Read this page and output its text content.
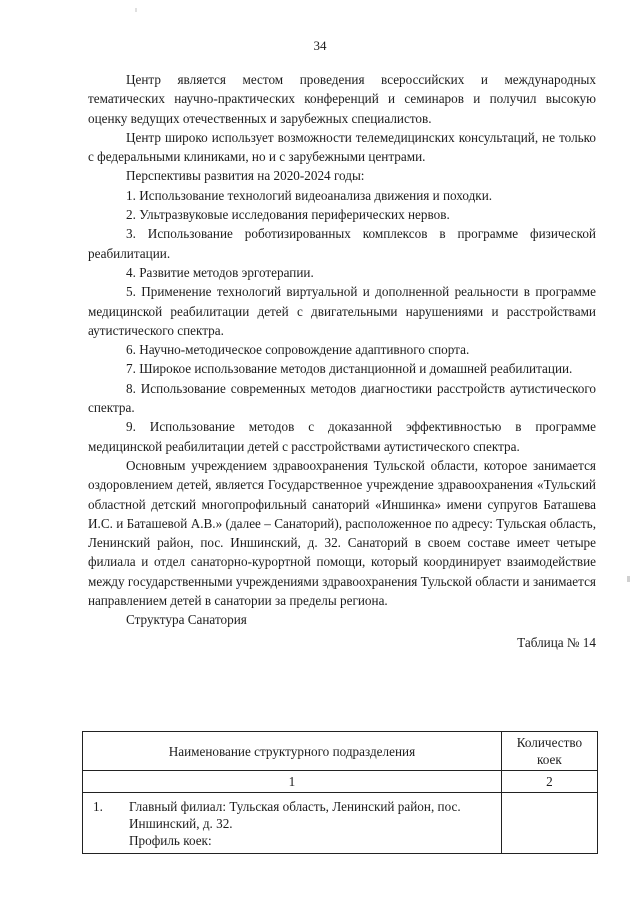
34

Центр является местом проведения всероссийских и международных тематических научно-практических конференций и семинаров и получил высокую оценку ведущих отечественных и зарубежных специалистов.

Центр широко использует возможности телемедицинских консультаций, не только с федеральными клиниками, но и с зарубежными центрами.

Перспективы развития на 2020-2024 годы:

1. Использование технологий видеоанализа движения и походки.

2. Ультразвуковые исследования периферических нервов.

3. Использование роботизированных комплексов в программе физической реабилитации.

4. Развитие методов эрготерапии.

5. Применение технологий виртуальной и дополненной реальности в программе медицинской реабилитации детей с двигательными нарушениями и расстройствами аутистического спектра.

6. Научно-методическое сопровождение адаптивного спорта.

7. Широкое использование методов дистанционной и домашней реабилитации.

8. Использование современных методов диагностики расстройств аутистического спектра.

9. Использование методов с доказанной эффективностью в программе медицинской реабилитации детей с расстройствами аутистического спектра.

Основным учреждением здравоохранения Тульской области, которое занимается оздоровлением детей, является Государственное учреждение здравоохранения «Тульский областной детский многопрофильный санаторий «Иншинка» имени супругов Баташева И.С. и Баташевой А.В.» (далее – Санаторий), расположенное по адресу: Тульская область, Ленинский район, пос. Иншинский, д. 32. Санаторий в своем составе имеет четыре филиала и отдел санаторно-курортной помощи, который координирует взаимодействие между государственными учреждениями здравоохранения Тульской области и занимается направлением детей в санатории за пределы региона.

Структура Санатория

Таблица № 14
Наименование структурного подразделения	Количество коек
1	2

1. Главный филиал: Тульская область, Ленинский район, пос. Иншинский, д. 32.
Профиль коек:	
